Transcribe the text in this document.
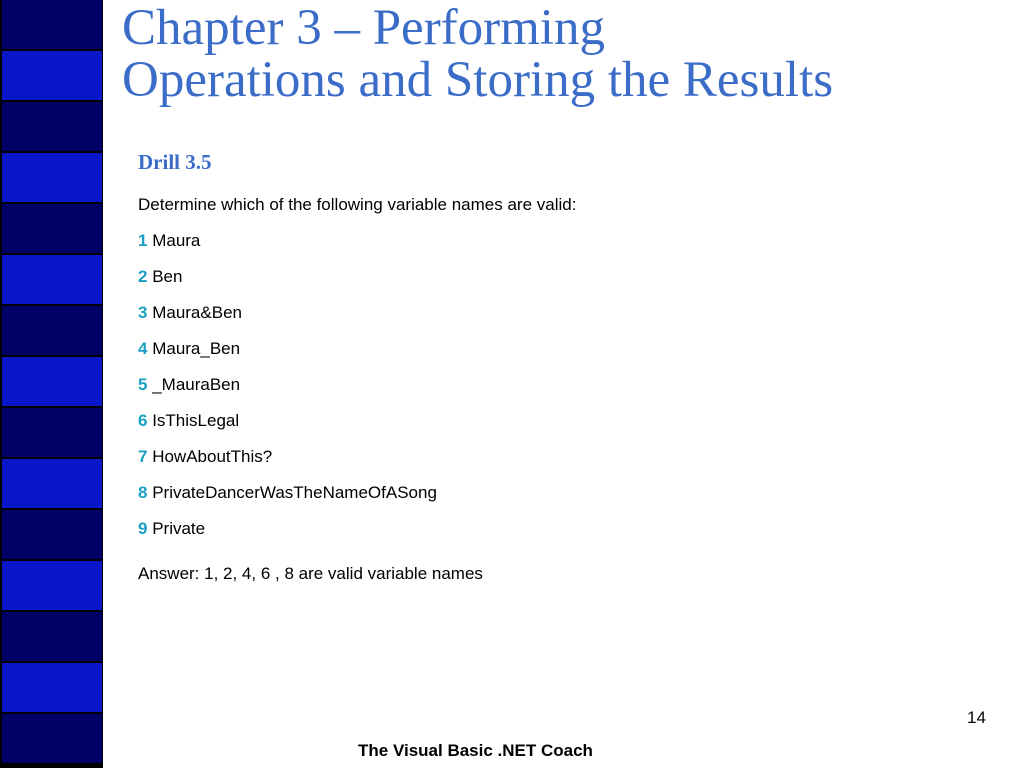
Chapter 3 – Performing
Operations and Storing the Results
Drill 3.5
Determine which of the following variable names are valid:
1 Maura
2 Ben
3 Maura&Ben
4 Maura_Ben
5 _MauraBen
6 IsThisLegal
7 HowAboutThis?
8 PrivateDancerWasTheNameOfASong
9 Private
Answer: 1, 2, 4, 6 , 8 are valid variable names
14
The Visual Basic .NET Coach
